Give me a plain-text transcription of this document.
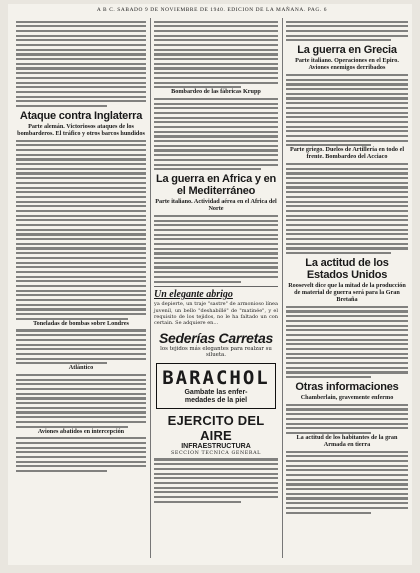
A B C. SABADO 9 DE NOVIEMBRE DE 1940. EDICION DE LA MAÑANA. PAG. 6
Ataque contra Inglaterra
Parte alemán. Victoriosos ataques de los bombarderos. El tráfico y otros barcos hundidos
Toneladas de bombas sobre Londres
Atlántico
Aviones abatidos en intercepción
Bombardeo de las fábricas Krupp
La guerra en Africa y en el Mediterráneo
Parte italiano. Actividad aérea en el Africa del Norte
Un elegante abrigo
ya depierte, un traje "sastre" de armonioso línea juvenil, un bello "deshabillé" de "matinée", y el requisito de los tejidos, no le ha faltado un con certain. Se adquiere en...
Sederías Carretas
los tejidos más elegantes para realzar su silueta.
BARACHOL
Gambate las enfer-
medades de la piel
EJERCITO DEL AIRE
INFRAESTRUCTURA
SECCION TECNICA GENERAL
La guerra en Grecia
Parte italiano. Operaciones en el Epiro. Aviones enemigos derribados
Parte griego. Duelos de Artillería en todo el frente. Bombardeo del Acciaco
La actitud de los Estados Unidos
Roosevelt dice que la mitad de la producción de material de guerra será para la Gran Bretaña
Otras informaciones
Chamberlain, gravemente enfermo
La actitud de los habitantes de la gran Armada en tierra
